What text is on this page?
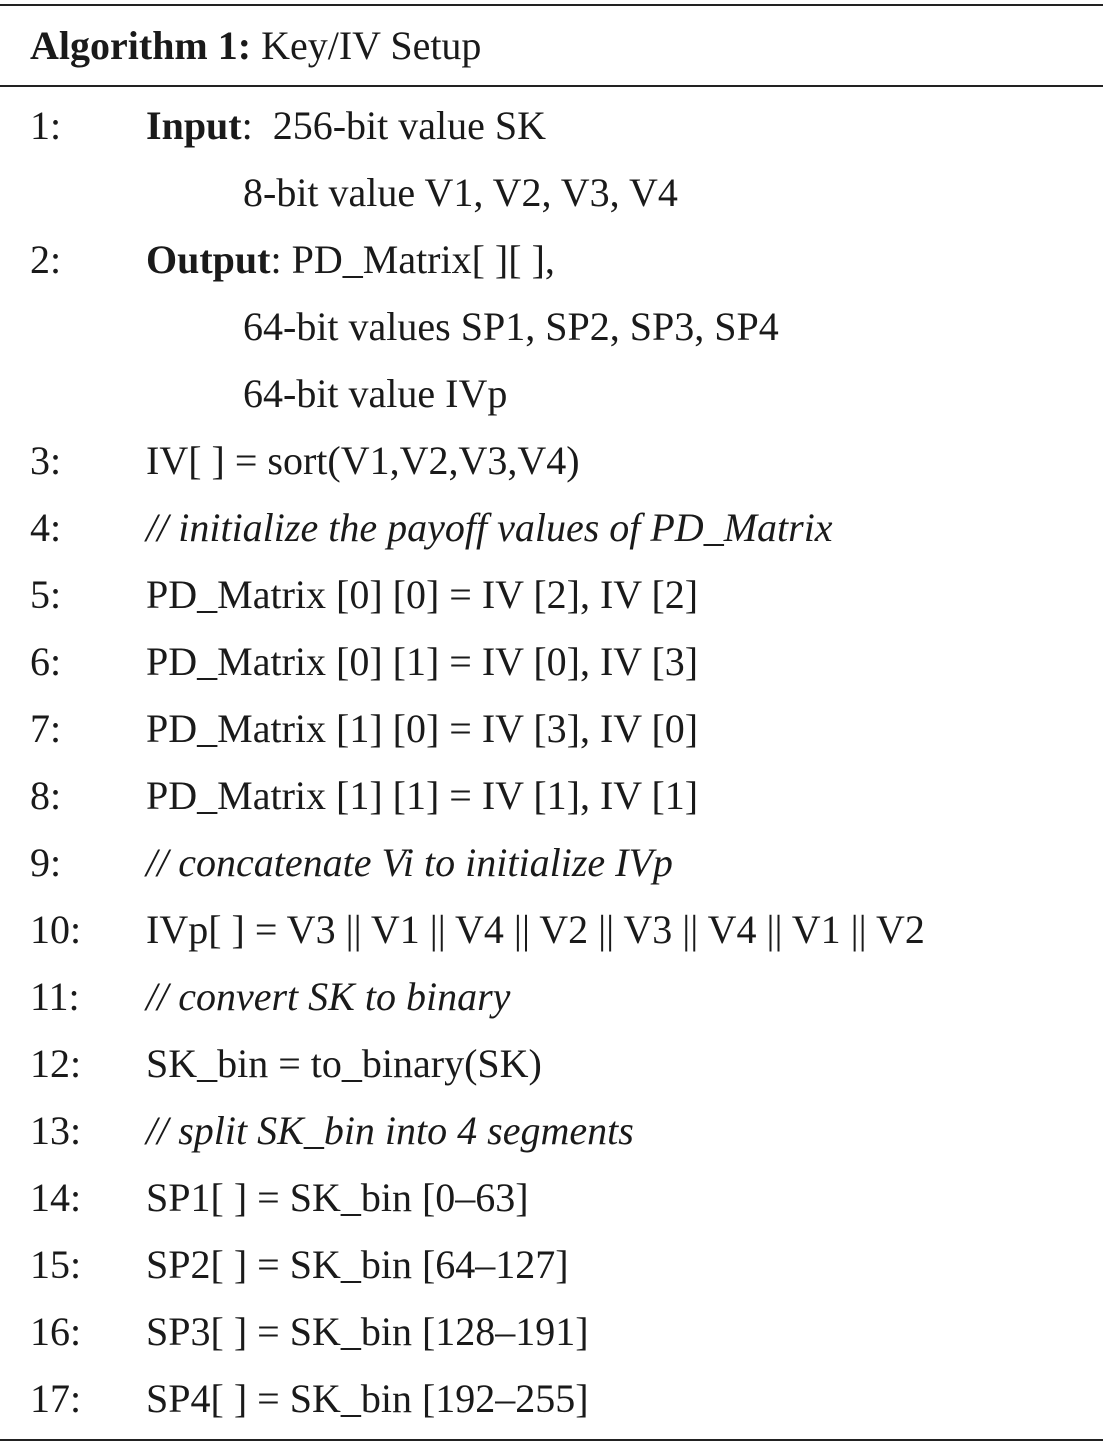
Algorithm 1: Key/IV Setup
1: Input:  256-bit value SK
8-bit value V1, V2, V3, V4
2: Output: PD_Matrix[ ][ ],
64-bit values SP1, SP2, SP3, SP4
64-bit value IVp
3: IV[ ] = sort(V1,V2,V3,V4)
4: // initialize the payoff values of PD_Matrix
5: PD_Matrix [0] [0] = IV [2], IV [2]
6: PD_Matrix [0] [1] = IV [0], IV [3]
7: PD_Matrix [1] [0] = IV [3], IV [0]
8: PD_Matrix [1] [1] = IV [1], IV [1]
9: // concatenate Vi to initialize IVp
10: IVp[ ] = V3 || V1 || V4 || V2 || V3 || V4 || V1 || V2
11: // convert SK to binary
12: SK_bin = to_binary(SK)
13: // split SK_bin into 4 segments
14: SP1[ ] = SK_bin [0–63]
15: SP2[ ] = SK_bin [64–127]
16: SP3[ ] = SK_bin [128–191]
17: SP4[ ] = SK_bin [192–255]
